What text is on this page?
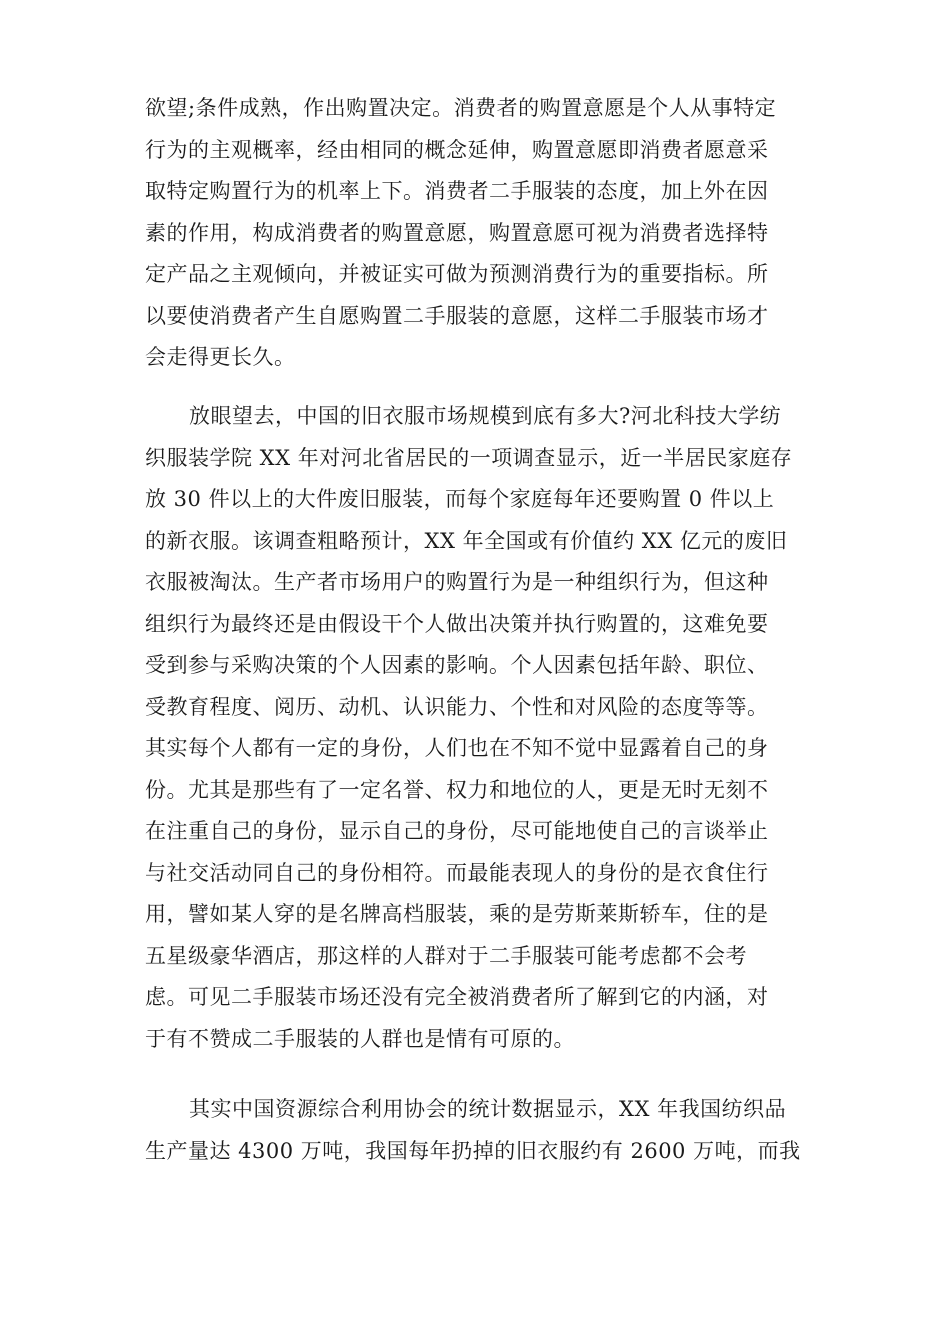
欲望;条件成熟，作出购置决定。消费者的购置意愿是个人从事特定
行为的主观概率，经由相同的概念延伸，购置意愿即消费者愿意采
取特定购置行为的机率上下。消费者二手服装的态度，加上外在因
素的作用，构成消费者的购置意愿，购置意愿可视为消费者选择特
定产品之主观倾向，并被证实可做为预测消费行为的重要指标。所
以要使消费者产生自愿购置二手服装的意愿，这样二手服装市场才
会走得更长久。
放眼望去，中国的旧衣服市场规模到底有多大?河北科技大学纺
织服装学院 XX 年对河北省居民的一项调查显示，近一半居民家庭存
放 30 件以上的大件废旧服装，而每个家庭每年还要购置 0 件以上
的新衣服。该调查粗略预计，XX 年全国或有价值约 XX 亿元的废旧
衣服被淘汰。生产者市场用户的购置行为是一种组织行为，但这种
组织行为最终还是由假设干个人做出决策并执行购置的，这难免要
受到参与采购决策的个人因素的影响。个人因素包括年龄、职位、
受教育程度、阅历、动机、认识能力、个性和对风险的态度等等。
其实每个人都有一定的身份，人们也在不知不觉中显露着自己的身
份。尤其是那些有了一定名誉、权力和地位的人，更是无时无刻不
在注重自己的身份，显示自己的身份，尽可能地使自己的言谈举止
与社交活动同自己的身份相符。而最能表现人的身份的是衣食住行
用，譬如某人穿的是名牌高档服装，乘的是劳斯莱斯轿车，住的是
五星级豪华酒店，那这样的人群对于二手服装可能考虑都不会考
虑。可见二手服装市场还没有完全被消费者所了解到它的内涵，对
于有不赞成二手服装的人群也是情有可原的。
其实中国资源综合利用协会的统计数据显示，XX 年我国纺织品
生产量达 4300 万吨，我国每年扔掉的旧衣服约有 2600 万吨，而我
